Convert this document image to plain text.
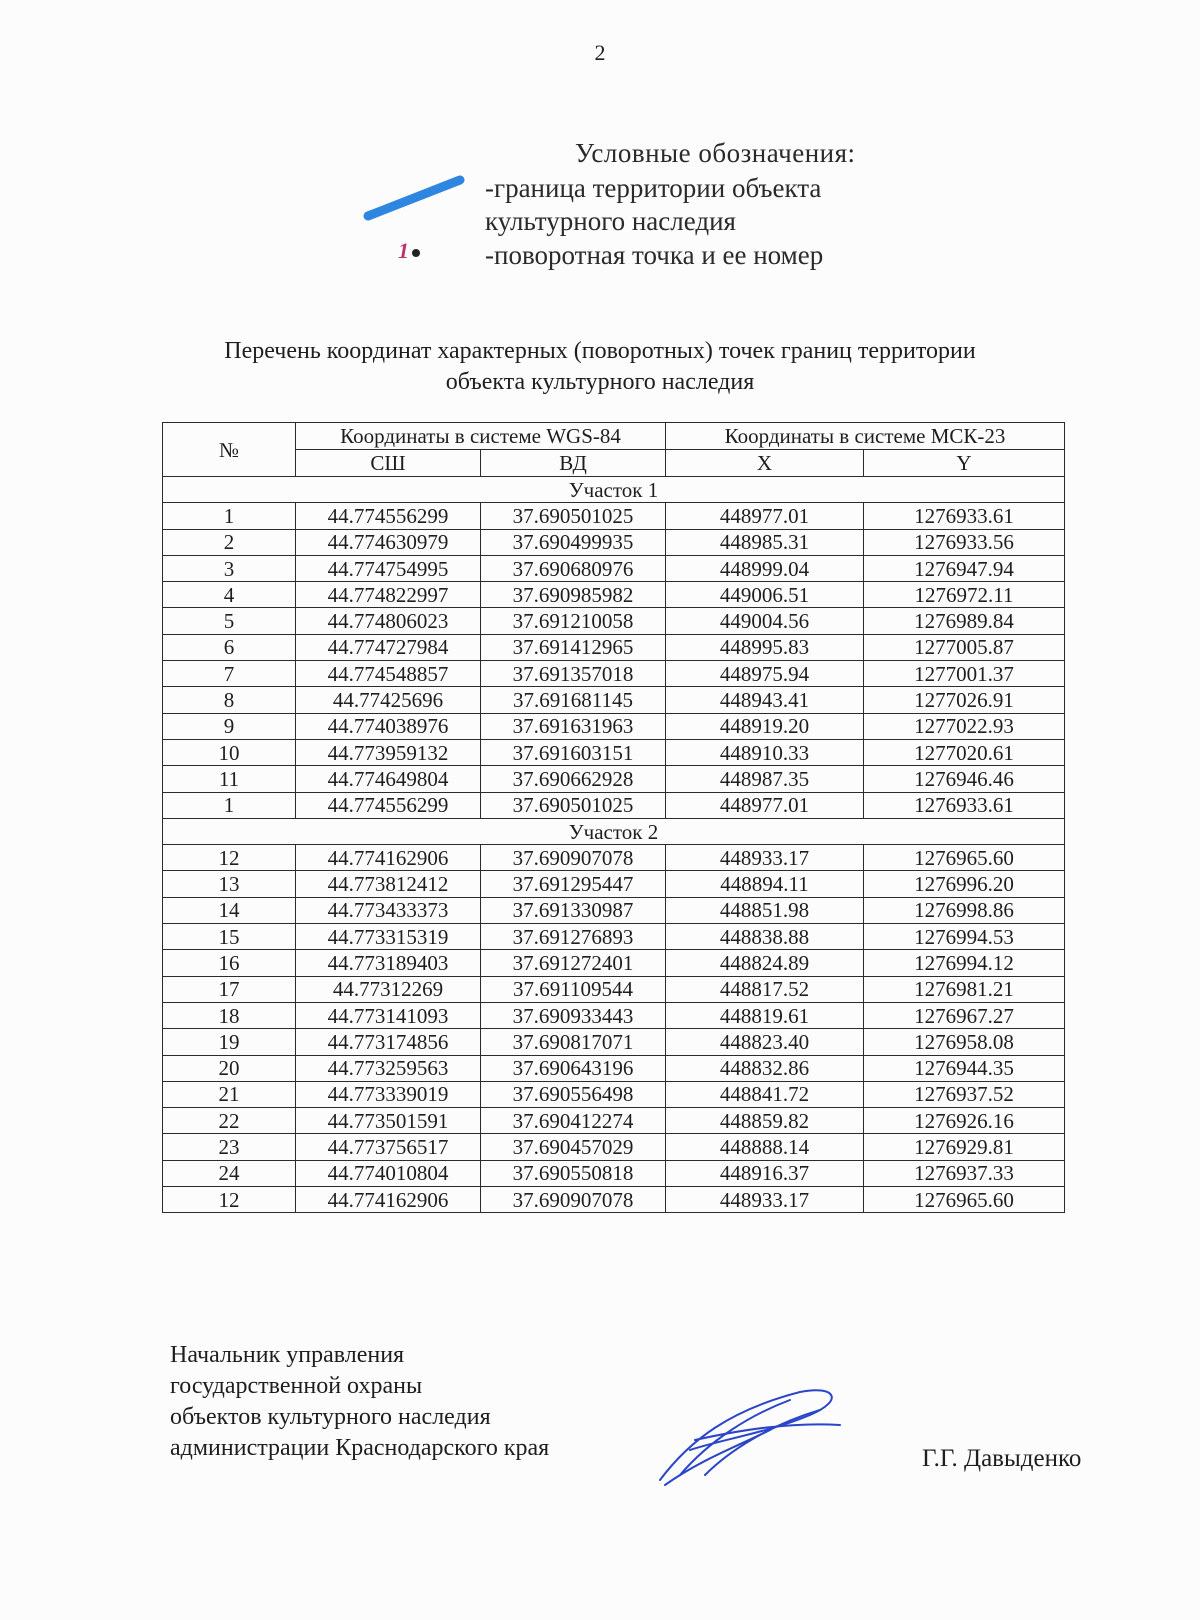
2
Условные обозначения:
-граница территории объекта
культурного наследия
1	-поворотная точка и ее номер
Перечень координат характерных (поворотных) точек границ территории
объекта культурного наследия
№	Координаты в системе WGS-84		Координаты в системе МСК-23	
	СШ	ВД	X	Y
Участок 1				
1	44.774556299	37.690501025	448977.01	1276933.61
2	44.774630979	37.690499935	448985.31	1276933.56
3	44.774754995	37.690680976	448999.04	1276947.94
4	44.774822997	37.690985982	449006.51	1276972.11
5	44.774806023	37.691210058	449004.56	1276989.84
6	44.774727984	37.691412965	448995.83	1277005.87
7	44.774548857	37.691357018	448975.94	1277001.37
8	44.77425696	37.691681145	448943.41	1277026.91
9	44.774038976	37.691631963	448919.20	1277022.93
10	44.773959132	37.691603151	448910.33	1277020.61
11	44.774649804	37.690662928	448987.35	1276946.46
1	44.774556299	37.690501025	448977.01	1276933.61
Участок 2				
12	44.774162906	37.690907078	448933.17	1276965.60
13	44.773812412	37.691295447	448894.11	1276996.20
14	44.773433373	37.691330987	448851.98	1276998.86
15	44.773315319	37.691276893	448838.88	1276994.53
16	44.773189403	37.691272401	448824.89	1276994.12
17	44.77312269	37.691109544	448817.52	1276981.21
18	44.773141093	37.690933443	448819.61	1276967.27
19	44.773174856	37.690817071	448823.40	1276958.08
20	44.773259563	37.690643196	448832.86	1276944.35
21	44.773339019	37.690556498	448841.72	1276937.52
22	44.773501591	37.690412274	448859.82	1276926.16
23	44.773756517	37.690457029	448888.14	1276929.81
24	44.774010804	37.690550818	448916.37	1276937.33
12	44.774162906	37.690907078	448933.17	1276965.60
Начальник управления
государственной охраны
объектов культурного наследия
администрации Краснодарского края	Г.Г. Давыденко
